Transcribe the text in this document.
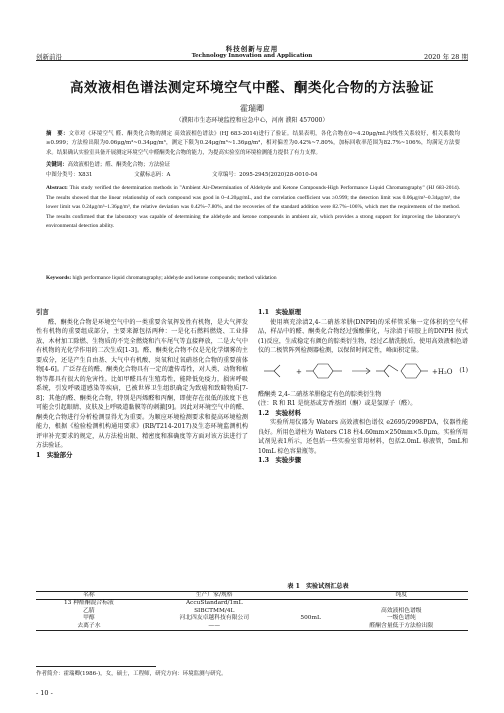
科技创新与应用
创新前沿	Technology Innovation and Application	2020 年 28 期
高效液相色谱法测定环境空气中醛、酮类化合物的方法验证
霍瑞卿
（濮阳市生态环境监控和应急中心，河南 濮阳 457000）
摘　要：文章对《环境空气 醛、酮类化合物的测定 高效液相色谱法》(HJ 683-2014)进行了验证。结果表明，各化合物在0~4.20μg/mL内线性关系较好，相关系数均≥0.999；方法检出限为0.06μg/m³~0.34μg/m³，测定下限为0.24μg/m³~1.36μg/m³，相对偏差为0.42%~7.80%，加标回收率范围为82.7%~106%，均满足方法要求。结果确认实验室具备开展测定环境空气中醛酮类化合物的能力，为提高实验室的环境检测能力提供了有力支撑。
关键词：高效液相色谱；醛、酮类化合物；方法验证
中图分类号：X831	文献标志码：A	文章编号：2095-2945(2020)28-0010-04
Abstract: This study verified the determination methods in "Ambient Air-Determination of Aldehyde and Ketone Compounds-High Performance Liquid Chromatography" (HJ 683-2014). The results showed that the linear relationship of each compound was good in 0~4.20μg/mL, and the correlation coefficient was ≥0.999; the detection limit was 0.06μg/m³~0.34μg/m³, the lower limit was 0.24μg/m³~1.36μg/m³, the relative deviation was 0.42%~7.80%, and the recoveries of the standard addition were 82.7%~106%, which met the requirements of the method. The results confirmed that the laboratory was capable of determining the aldehyde and ketone compounds in ambient air, which provides a strong support for improving the laboratory's environmental detection ability.
Keywords: high performance liquid chromatography; aldehyde and ketone compounds; method validation

引言

醛、酮类化合物是环境空气中的一类重要含氧挥发性有机物，是大气挥发性有机物的重要组成部分，主要来源包括两种：一是化石燃料燃烧、工业排放、木材加工除燃、生物质的不完全燃烧和汽车尾气等直接释放，二是大气中有机物的光化学作用的二次生成[1-3]。醛、酮类化合物不仅是光化学烟雾的主要成分，还是产生自由基、大气中有机酸、臭氧和过氧硝基化合物的重要前体物[4-6]。广泛存在的醛、酮类化合物具有一定的遗传毒性，对人类、动物和植物等都具有很大的危害性。比如甲醛具有生殖毒性，能降低免疫力，损害呼吸系统，引发呼吸道感染等疾病，已被世界卫生组织确定为致癌和致畸物质[7-8]；其他的醛、酮类化合物，特别是丙烯醛和丙酮，即使存在很低的浓度下也可能会引起眼睛、皮肤及上呼吸道黏膜等的刺激[9]。因此对环境空气中的醛、酮类化合物进行分析检测显得尤为重要。为顺应环境检测要求和提高环境检测能力，根据《检验检测机构通用要求》(RB/T214-2017)及生态环境监测机构评审补充要求的规定，从方法检出限、精密度和准确度等方面对该方法进行了方法验证。

1　实验部分

1.1　实验原理

使用填充涂渍2,4-二硝基苯肼(DNPH)的采样管采集一定体积的空气样品，样品中的醛、酮类化合物经过强酸催化，与涂渍于硅胶上的DNPH 按式(1)反应，生成稳定有颜色的腙类衍生物，经过乙腈洗脱后，使用高效液相色谱仪的二极管阵列检测器检测，以保留时间定性，峰面积定量。

+	+H₂O (1)

醛酮类 2,4-二硝基苯肼稳定有色的腙类衍生物

(注：R 和 R1 是烷基或芳香基团（酮）或是氢原子（醛）。

1.2　实验材料

实验所用仪器为 Waters 高效液相色谱仪 e2695/2998PDA，仪器性能良好。所用色谱柱为 Waters C18 柱4.60mm×250mm×5.0μm。实验所用试剂见表1所示，还包括一些实验室常用材料，包括2.0mL 移液管，5mL和10mL 棕色容量瓶等。

1.3　实验步骤

表 1　实验试剂汇总表
名称	生产厂家/规格		纯度
13 种醛酮混合标液	AccuStandard/1mL		
乙腈	SIBCTMM/4L		高效液相色谱级
甲醇	河北四友卓越科技有限公司	500mL	一级色谱纯
去离子水	——		醛酮含量低于方法检出限
作者简介：霍瑞卿(1986-)，女，硕士，工程师，研究方向：环境监测与研究。
- 10 -
